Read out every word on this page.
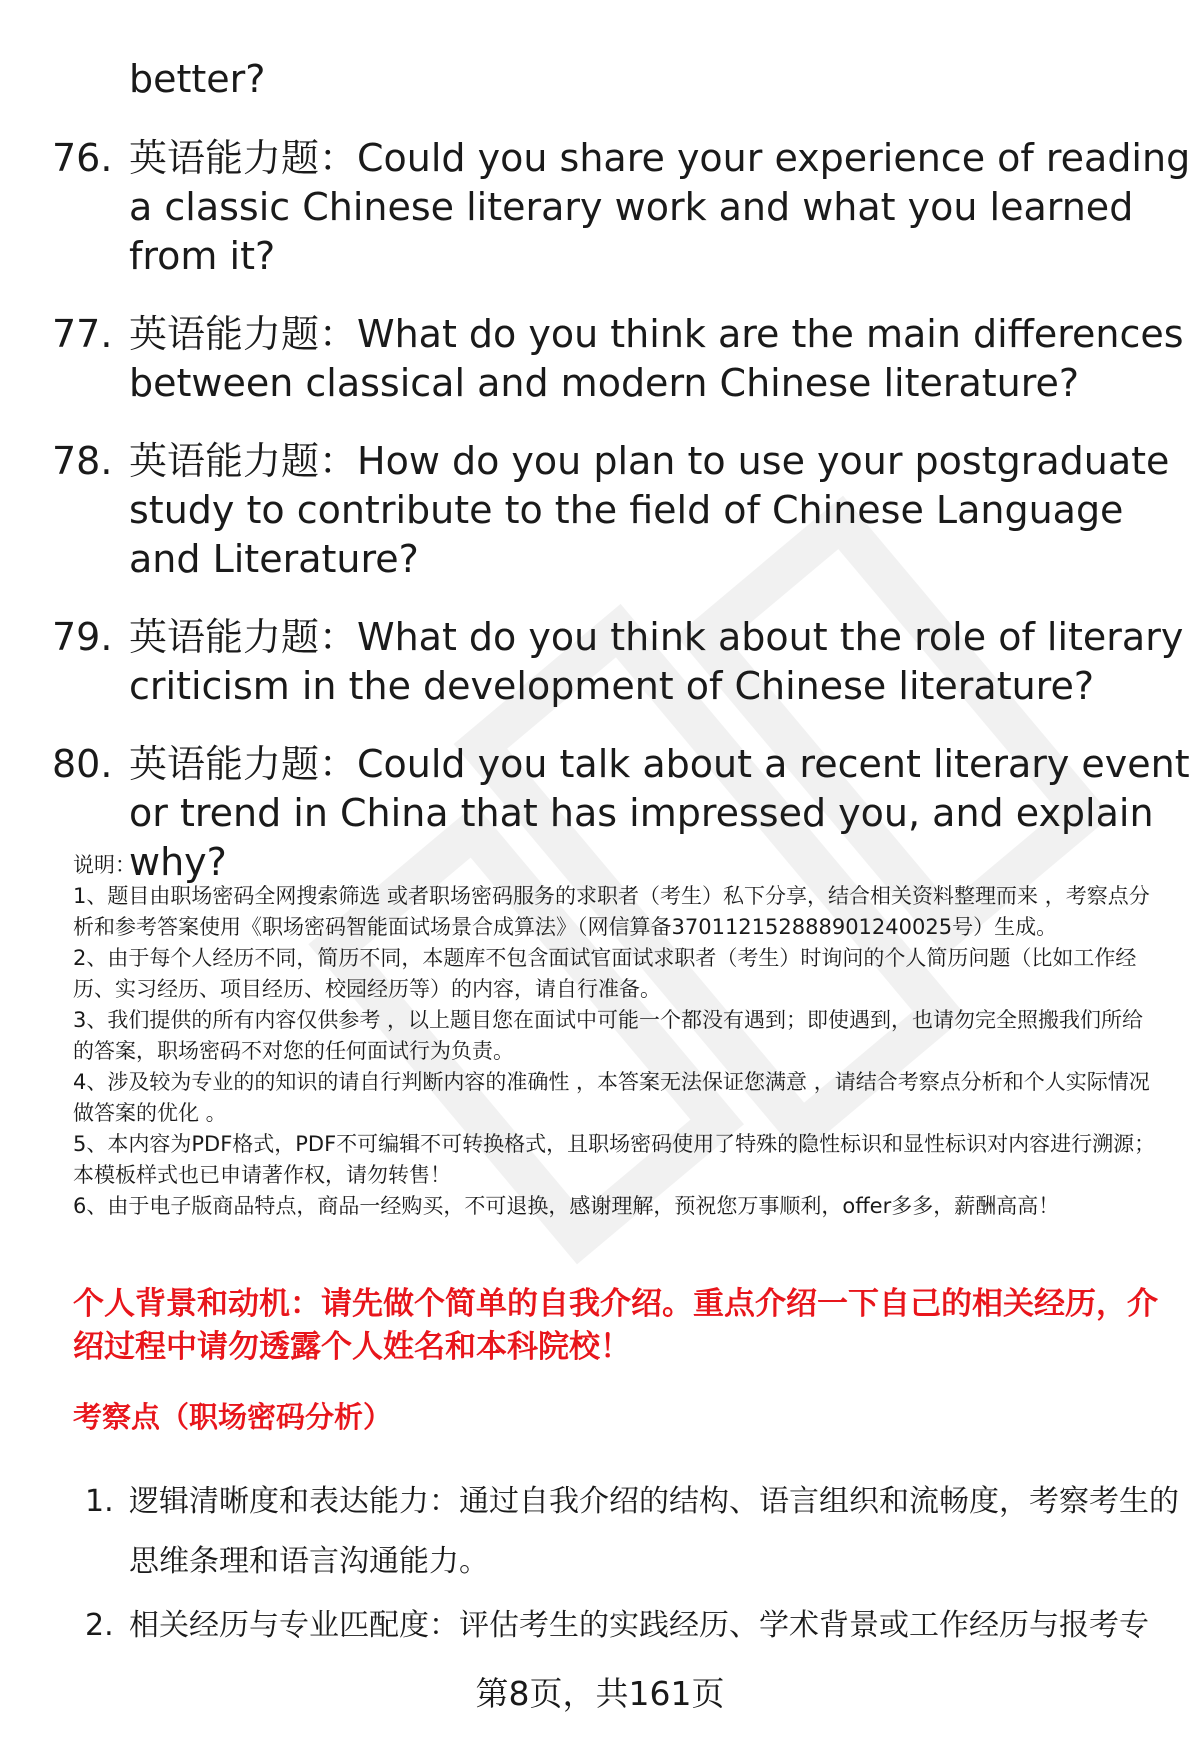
better?
76. 英语能力题：Could you share your experience of reading a classic Chinese literary work and what you learned from it?
77. 英语能力题：What do you think are the main differences between classical and modern Chinese literature?
78. 英语能力题：How do you plan to use your postgraduate study to contribute to the field of Chinese Language and Literature?
79. 英语能力题：What do you think about the role of literary criticism in the development of Chinese literature?
80. 英语能力题：Could you talk about a recent literary event or trend in China that has impressed you, and explain why?

说明：

1、题目由职场密码全网搜索筛选 或者职场密码服务的求职者（考生）私下分享，结合相关资料整理而来 ，考察点分析和参考答案使用《职场密码智能面试场景合成算法》（网信算备370112152888901240025号）生成。

2、由于每个人经历不同，简历不同，本题库不包含面试官面试求职者（考生）时询问的个人简历问题（比如工作经历、实习经历、项目经历、校园经历等）的内容，请自行准备。

3、我们提供的所有内容仅供参考 ，以上题目您在面试中可能一个都没有遇到；即使遇到，也请勿完全照搬我们所给的答案，职场密码不对您的任何面试行为负责。

4、涉及较为专业的的知识的请自行判断内容的准确性 ，本答案无法保证您满意 ，请结合考察点分析和个人实际情况做答案的优化 。

5、本内容为PDF格式，PDF不可编辑不可转换格式，且职场密码使用了特殊的隐性标识和显性标识对内容进行溯源；本模板样式也已申请著作权，请勿转售！

6、由于电子版商品特点，商品一经购买，不可退换，感谢理解，预祝您万事顺利，offer多多，薪酬高高！

个人背景和动机：请先做个简单的自我介绍。重点介绍一下自己的相关经历，介绍过程中请勿透露个人姓名和本科院校！
考察点（职场密码分析）
1. 逻辑清晰度和表达能力：通过自我介绍的结构、语言组织和流畅度，考察考生的思维条理和语言沟通能力。
2. 相关经历与专业匹配度：评估考生的实践经历、学术背景或工作经历与报考专
第8页，共161页
